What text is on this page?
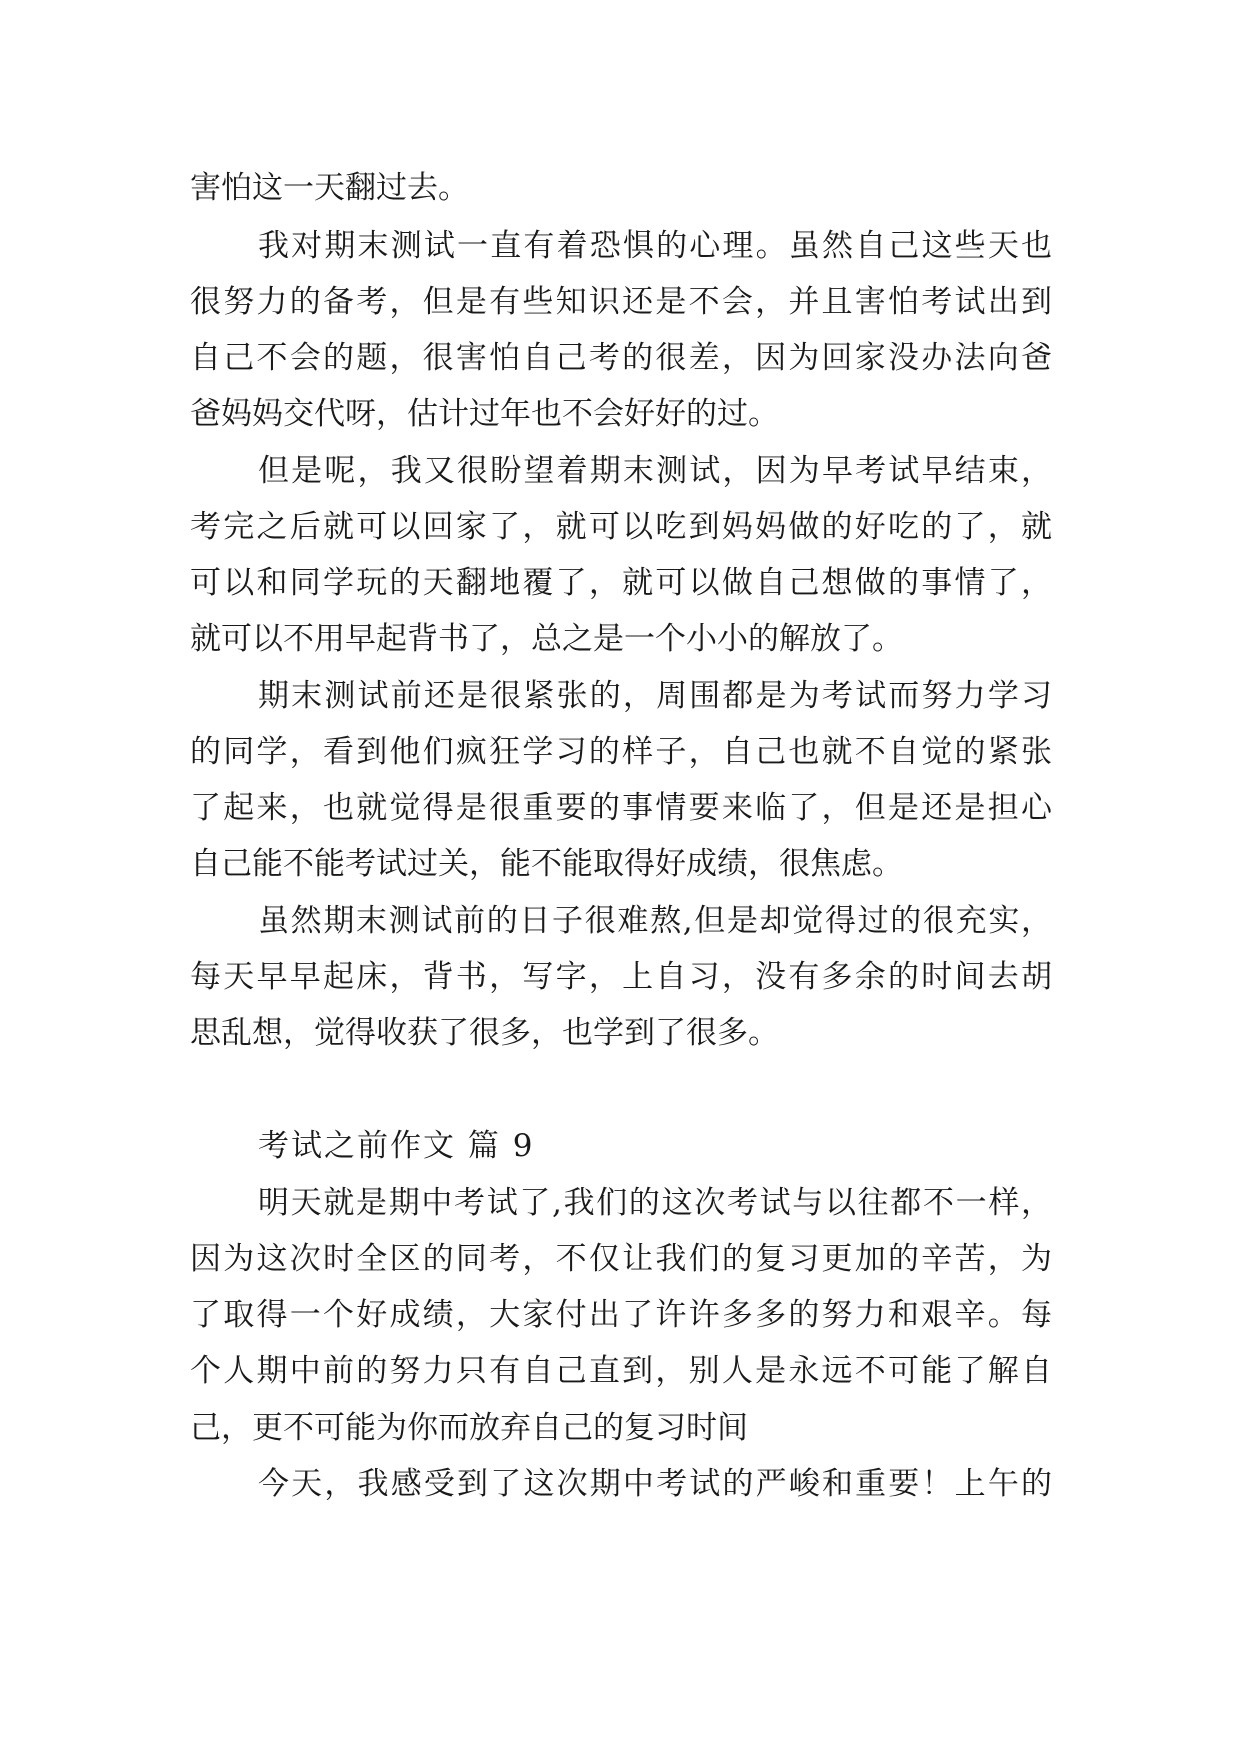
害怕这一天翻过去。
我对期末测试一直有着恐惧的心理。虽然自己这些天也
很努力的备考，但是有些知识还是不会，并且害怕考试出到
自己不会的题，很害怕自己考的很差，因为回家没办法向爸
爸妈妈交代呀，估计过年也不会好好的过。
但是呢，我又很盼望着期末测试，因为早考试早结束，
考完之后就可以回家了，就可以吃到妈妈做的好吃的了，就
可以和同学玩的天翻地覆了，就可以做自己想做的事情了，
就可以不用早起背书了，总之是一个小小的解放了。
期末测试前还是很紧张的，周围都是为考试而努力学习
的同学，看到他们疯狂学习的样子，自己也就不自觉的紧张
了起来，也就觉得是很重要的事情要来临了，但是还是担心
自己能不能考试过关，能不能取得好成绩，很焦虑。
虽然期末测试前的日子很难熬,但是却觉得过的很充实，
每天早早起床，背书，写字，上自习，没有多余的时间去胡
思乱想，觉得收获了很多，也学到了很多。
考试之前作文 篇 9
明天就是期中考试了,我们的这次考试与以往都不一样，
因为这次时全区的同考，不仅让我们的复习更加的辛苦，为
了取得一个好成绩，大家付出了许许多多的努力和艰辛。每
个人期中前的努力只有自己直到，别人是永远不可能了解自
己，更不可能为你而放弃自己的复习时间
今天，我感受到了这次期中考试的严峻和重要！上午的
